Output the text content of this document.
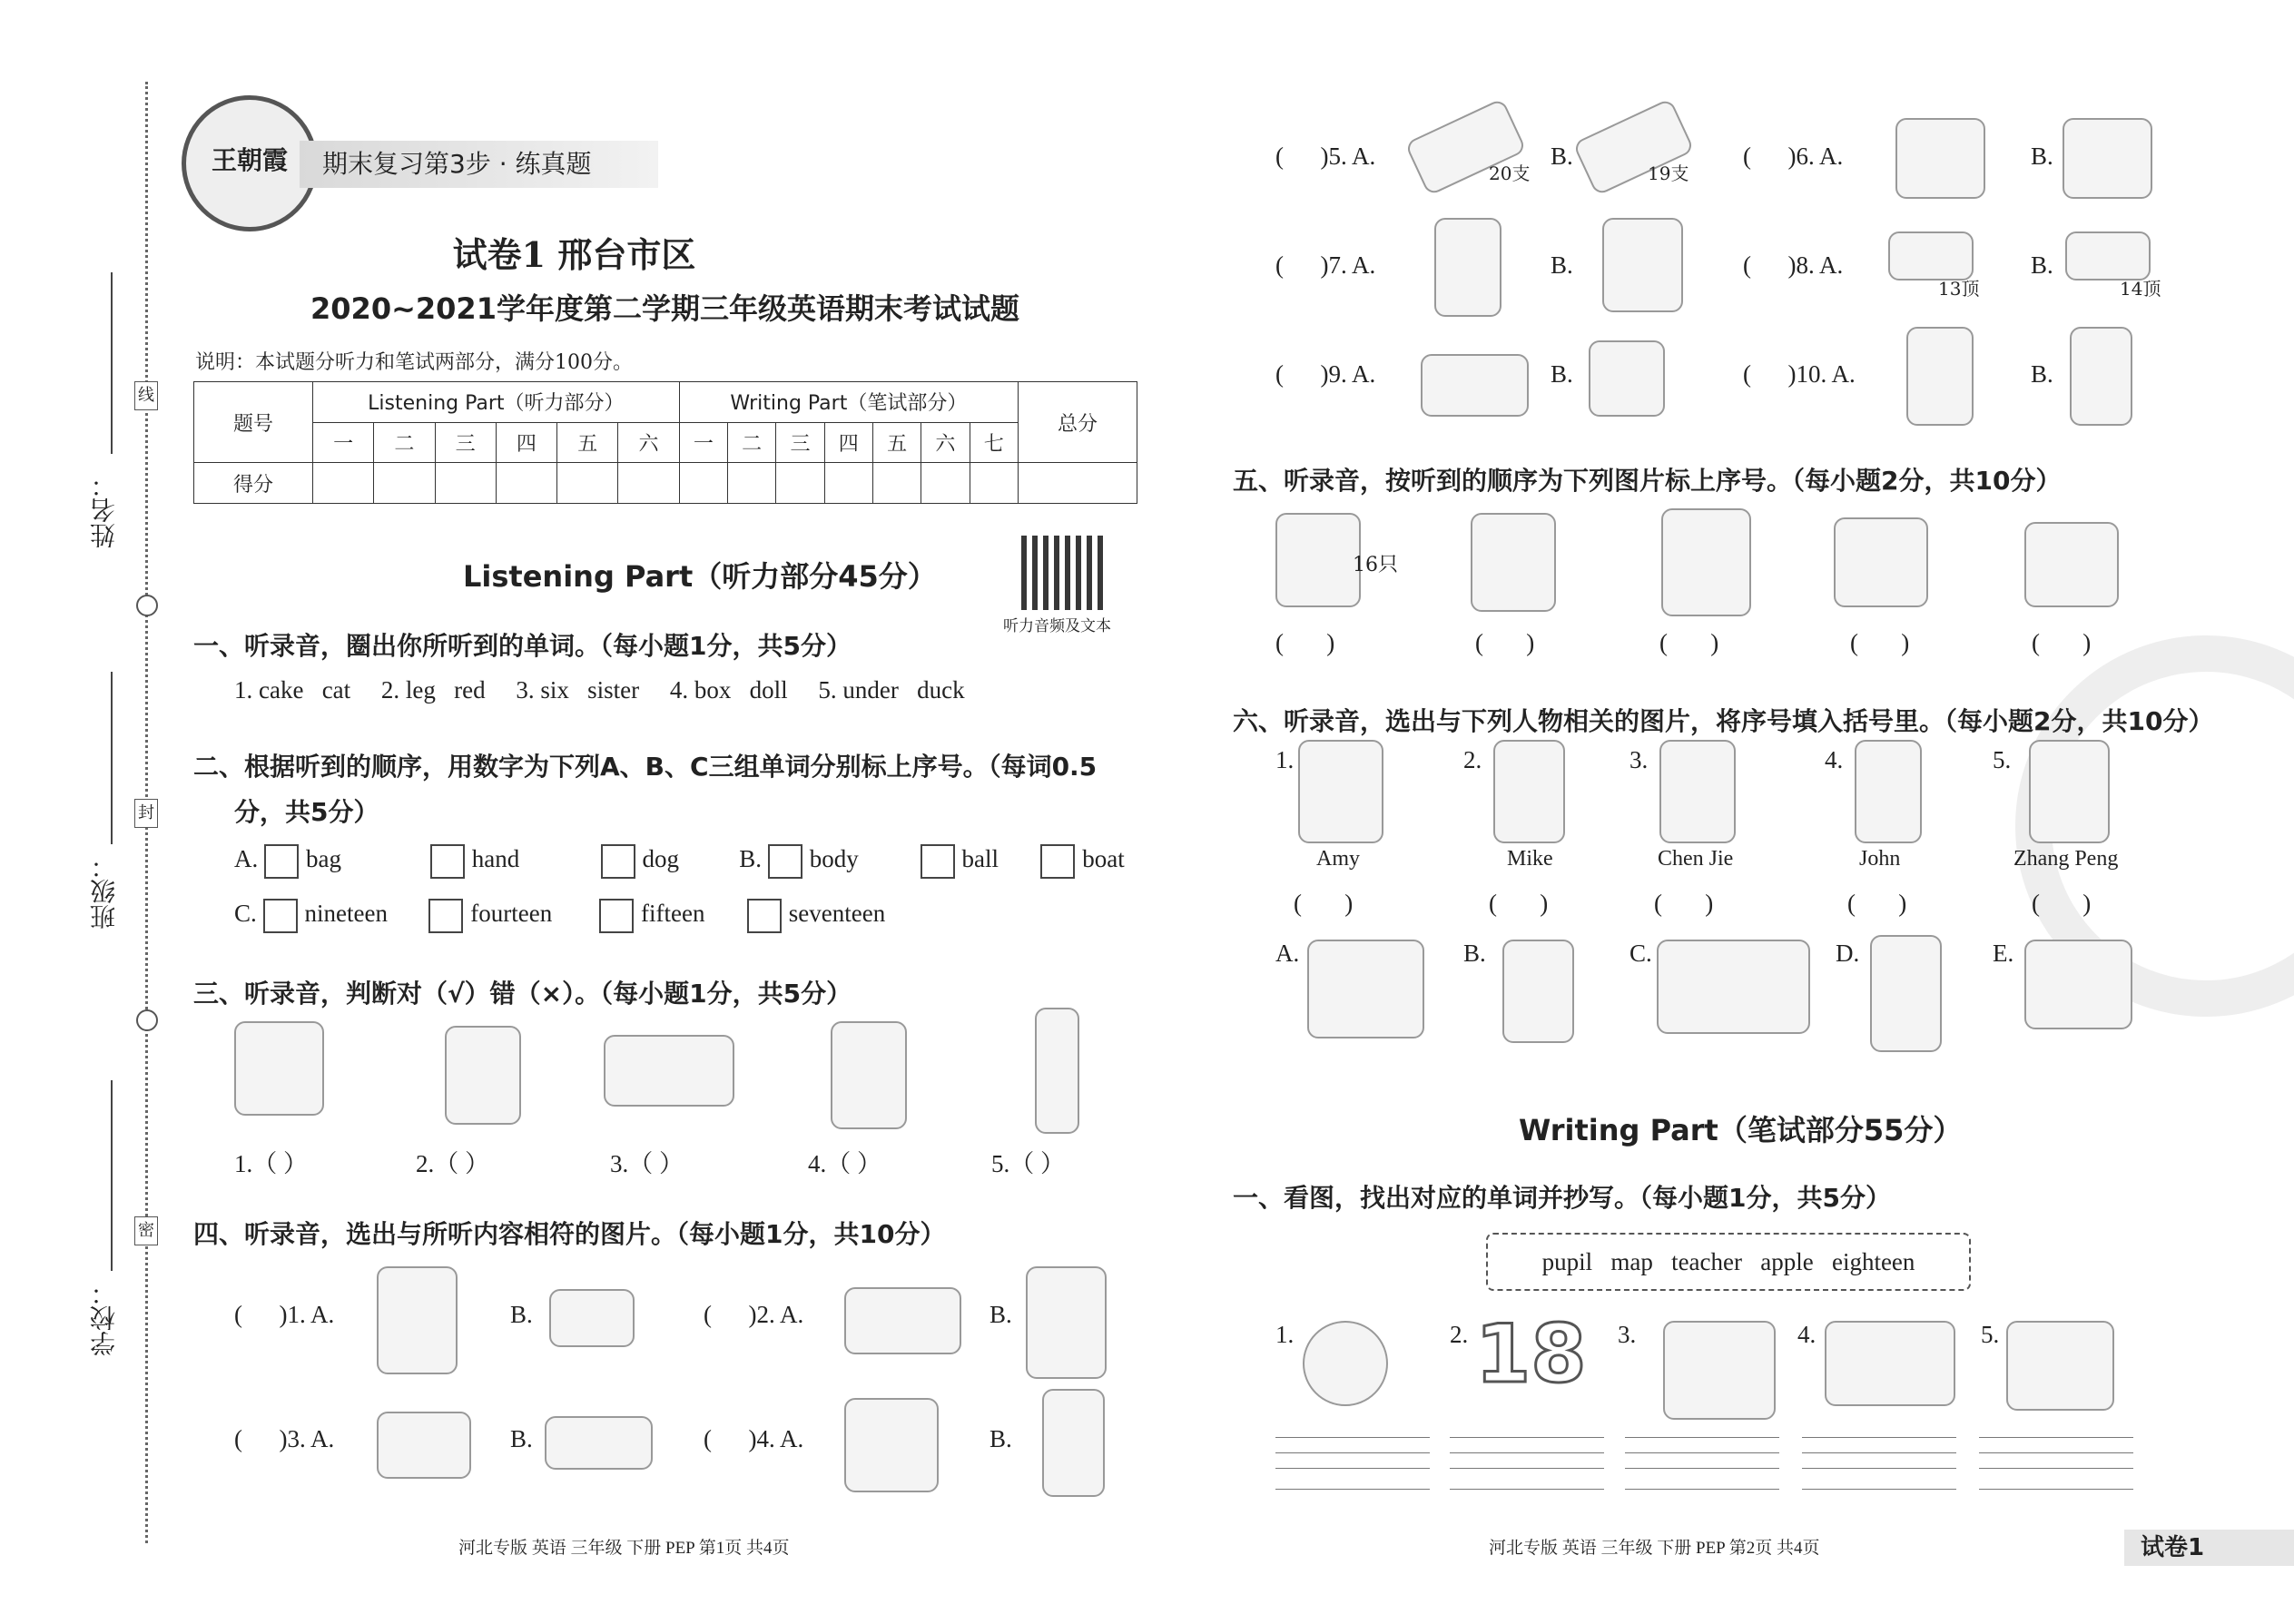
姓名：
班级：
学校：
线
封
密
王朝霞	期末复习第3步 · 练真题
试卷1 邢台市区
2020~2021学年度第二学期三年级英语期末考试试题
说明：本试题分听力和笔试两部分，满分100分。
题号	Listening Part（听力部分）						Writing Part（笔试部分）							总分
	一	二	三	四	五	六	一	二	三	四	五	六	七	
得分														
Listening Part（听力部分45分）
听力音频及文本
一、听录音，圈出你所听到的单词。（每小题1分，共5分）
1. cake   cat     2. leg   red     3. six   sister     4. box   doll     5. under   duck
二、根据听到的顺序，用数字为下列A、B、C三组单词分别标上序号。（每词0.5
分，共5分）
A. bag	hand	dog B. body	ball	boat
C. nineteen	fourteen	fifteen	seventeen
三、听录音，判断对（√）错（×）。（每小题1分，共5分）
1.（ ）	2.（ ）	3.（ ）	4.（ ）	5.（ ）
四、听录音，选出与所听内容相符的图片。（每小题1分，共10分）
(      )1. A.	B.	(      )2. A.	B.
(      )3. A.	B.	(      )4. A.	B.
河北专版 英语 三年级 下册 PEP 第1页 共4页
(      )5. A.
20支
B.
19支
(      )6. A.	B.
(      )7. A.	B.	(      )8. A.
13顶
B.
14顶
(      )9. A.	B.	(      )10. A.	B.
五、听录音，按听到的顺序为下列图片标上序号。（每小题2分，共10分）
16只
(       )	(       )	(       )	(       )	(       )
六、听录音，选出与下列人物相关的图片，将序号填入括号里。（每小题2分，共10分）
1.
Amy
2.
Mike
3.
Chen Jie
4.
John
5.
Zhang Peng
(       )	(       )	(       )	(       )	(       )
A.	B.	C.	D.	E.
Writing Part（笔试部分55分）
一、看图，找出对应的单词并抄写。（每小题1分，共5分）
pupil   map   teacher   apple   eighteen
1.	2. 18 3.	4.	5.
河北专版 英语 三年级 下册 PEP 第2页 共4页	试卷1
